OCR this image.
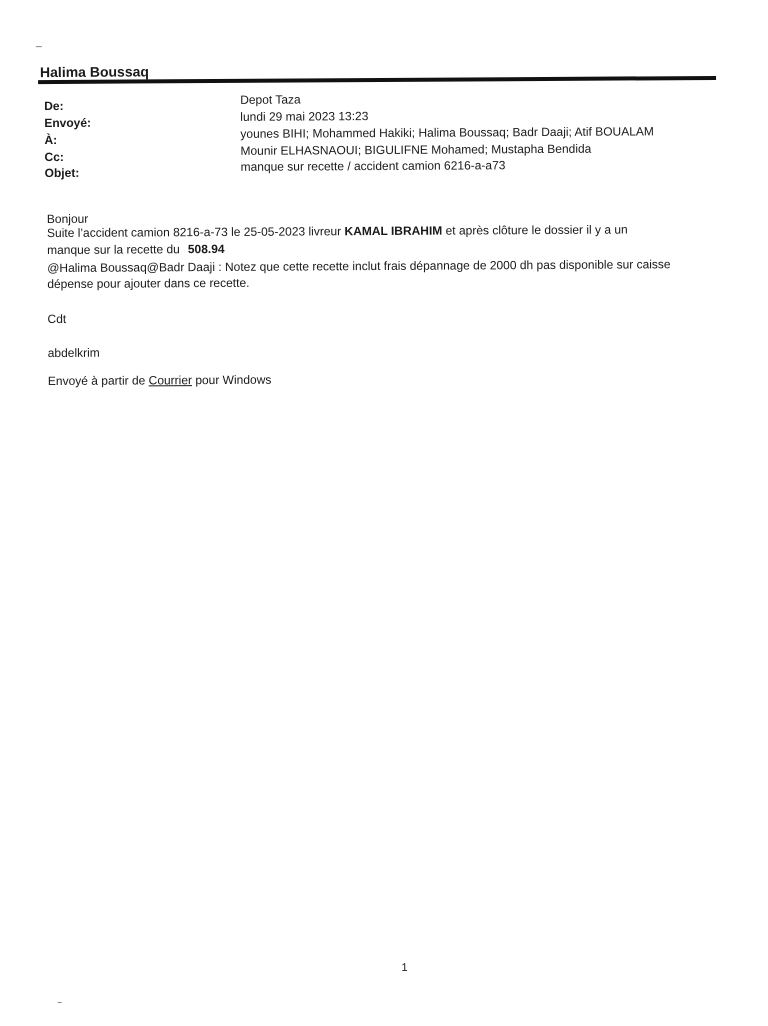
Halima Boussaq
De:	Depot Taza
Envoyé:	lundi 29 mai 2023 13:23
À:	younes BIHI; Mohammed Hakiki; Halima Boussaq; Badr Daaji; Atif BOUALAM
Cc:	Mounir ELHASNAOUI; BIGULIFNE Mohamed; Mustapha Bendida
Objet:	manque sur recette / accident camion 6216-a-a73
Bonjour
Suite l’accident camion 8216-a-73 le 25-05-2023 livreur KAMAL IBRAHIM et après clôture le dossier il y a un
manque sur la recette du 508.94
@Halima Boussaq@Badr Daaji : Notez que cette recette inclut frais dépannage de 2000 dh pas disponible sur caisse
dépense pour ajouter dans ce recette.
Cdt
abdelkrim
Envoyé à partir de Courrier pour Windows
1
